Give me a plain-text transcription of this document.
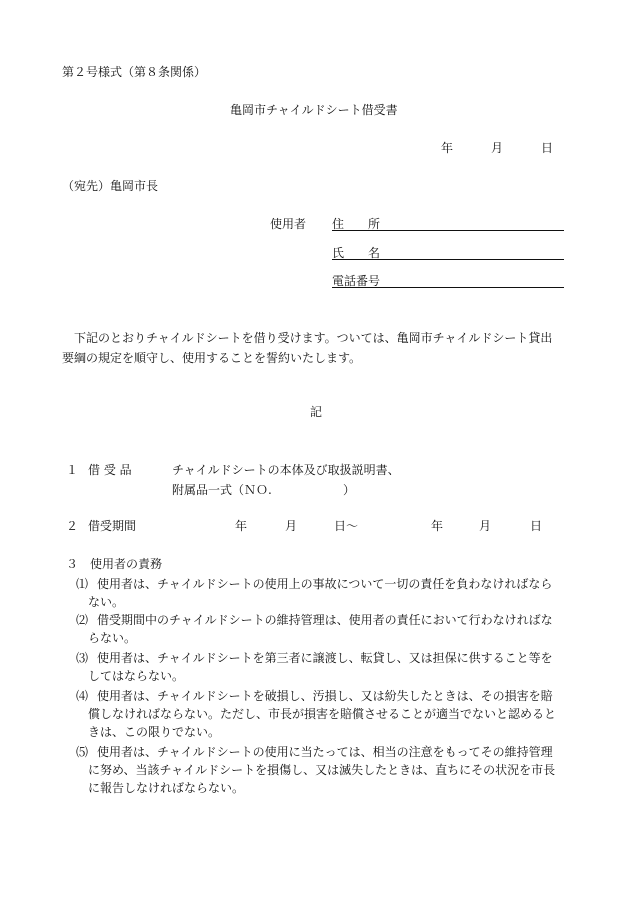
第２号様式（第８条関係）
亀岡市チャイルドシート借受書
年	月	日
（宛先）亀岡市長
使用者 住　　所
氏　　名
電話番号
　下記のとおりチャイルドシートを借り受けます。ついては、亀岡市チャイルドシート貸出
要綱の規定を順守し、使用することを誓約いたします。
記
１ 借 受 品	チャイルドシートの本体及び取扱説明書、
附属品一式（ＮＯ.	）
２ 借受期間	年	月	日～	年	月	日
３　使用者の責務
⑴ 使用者は、チャイルドシートの使用上の事故について一切の責任を負わなければなら
ない。
⑵ 借受期間中のチャイルドシートの維持管理は、使用者の責任において行わなければな
らない。
⑶ 使用者は、チャイルドシートを第三者に譲渡し、転貸し、又は担保に供すること等を
してはならない。
⑷ 使用者は、チャイルドシートを破損し、汚損し、又は紛失したときは、その損害を賠
償しなければならない。ただし、市長が損害を賠償させることが適当でないと認めると
きは、この限りでない。
⑸ 使用者は、チャイルドシートの使用に当たっては、相当の注意をもってその維持管理
に努め、当該チャイルドシートを損傷し、又は滅失したときは、直ちにその状況を市長
に報告しなければならない。
